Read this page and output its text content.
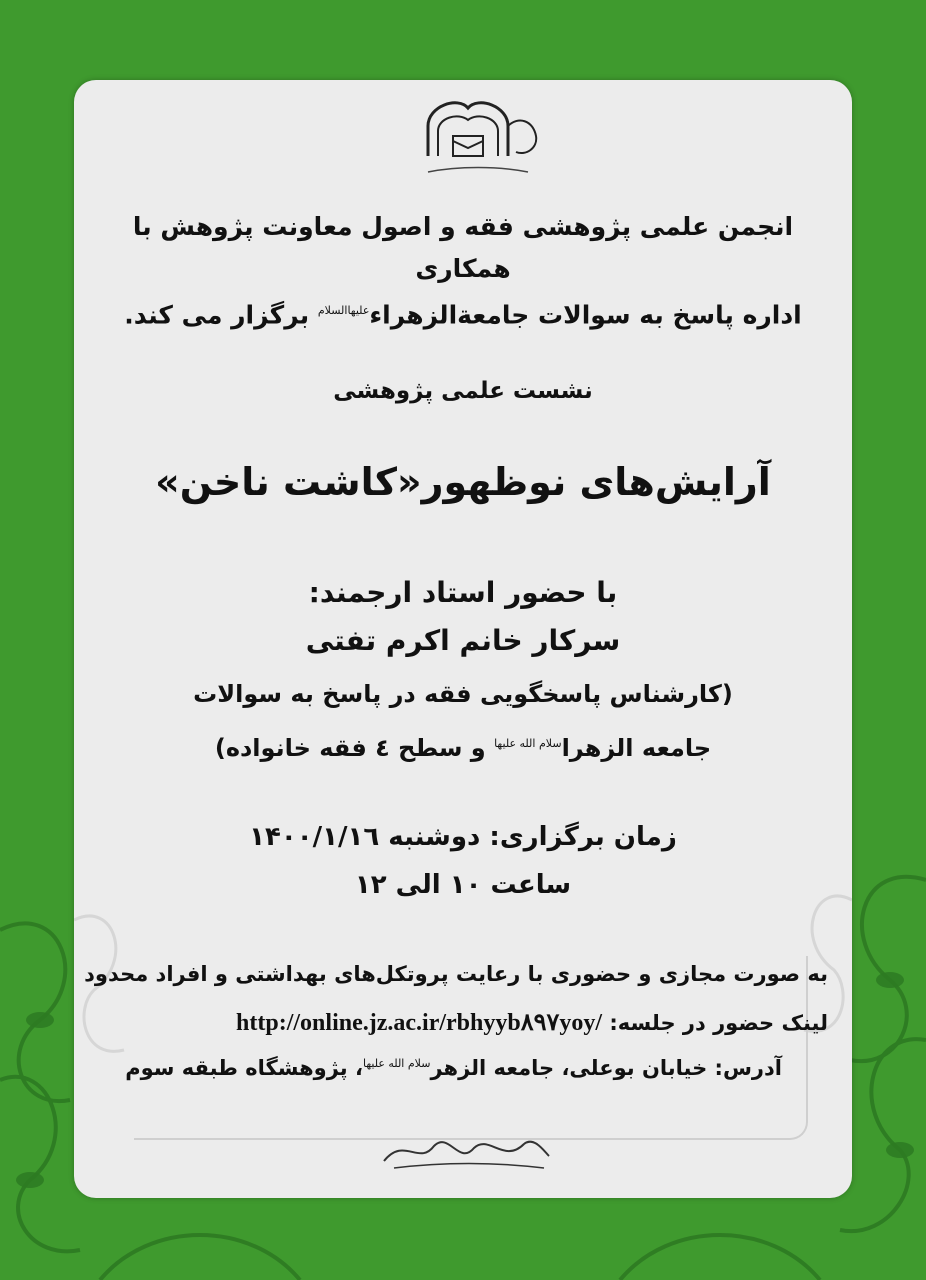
انجمن علمی پژوهشی فقه و اصول معاونت پژوهش با همکاری
اداره پاسخ به سوالات جامعةالزهراء$^{علیهاالسلام}$ برگزار می کند.
نشست علمی پژوهشی
آرایش‌های نوظهور«کاشت ناخن»
با حضور استاد ارجمند:
سرکار خانم اکرم تفتی
(کارشناس پاسخگویی فقه در پاسخ به سوالات
جامعه الزهرا$^{سلام الله علیها}$ و سطح ٤ فقه خانواده)
زمان برگزاری: دوشنبه ۱۴۰۰/۱/۱٦
ساعت ۱۰ الی ۱۲
به صورت مجازی و حضوری با رعایت پروتکل‌های بهداشتی و افراد محدود
لینک حضور در جلسه: http://online.jz.ac.ir/rbhyyb۸۹۷yoy/
آدرس: خیابان بوعلی، جامعه الزهر$^{سلام الله علیها}$، پژوهشگاه طبقه سوم
